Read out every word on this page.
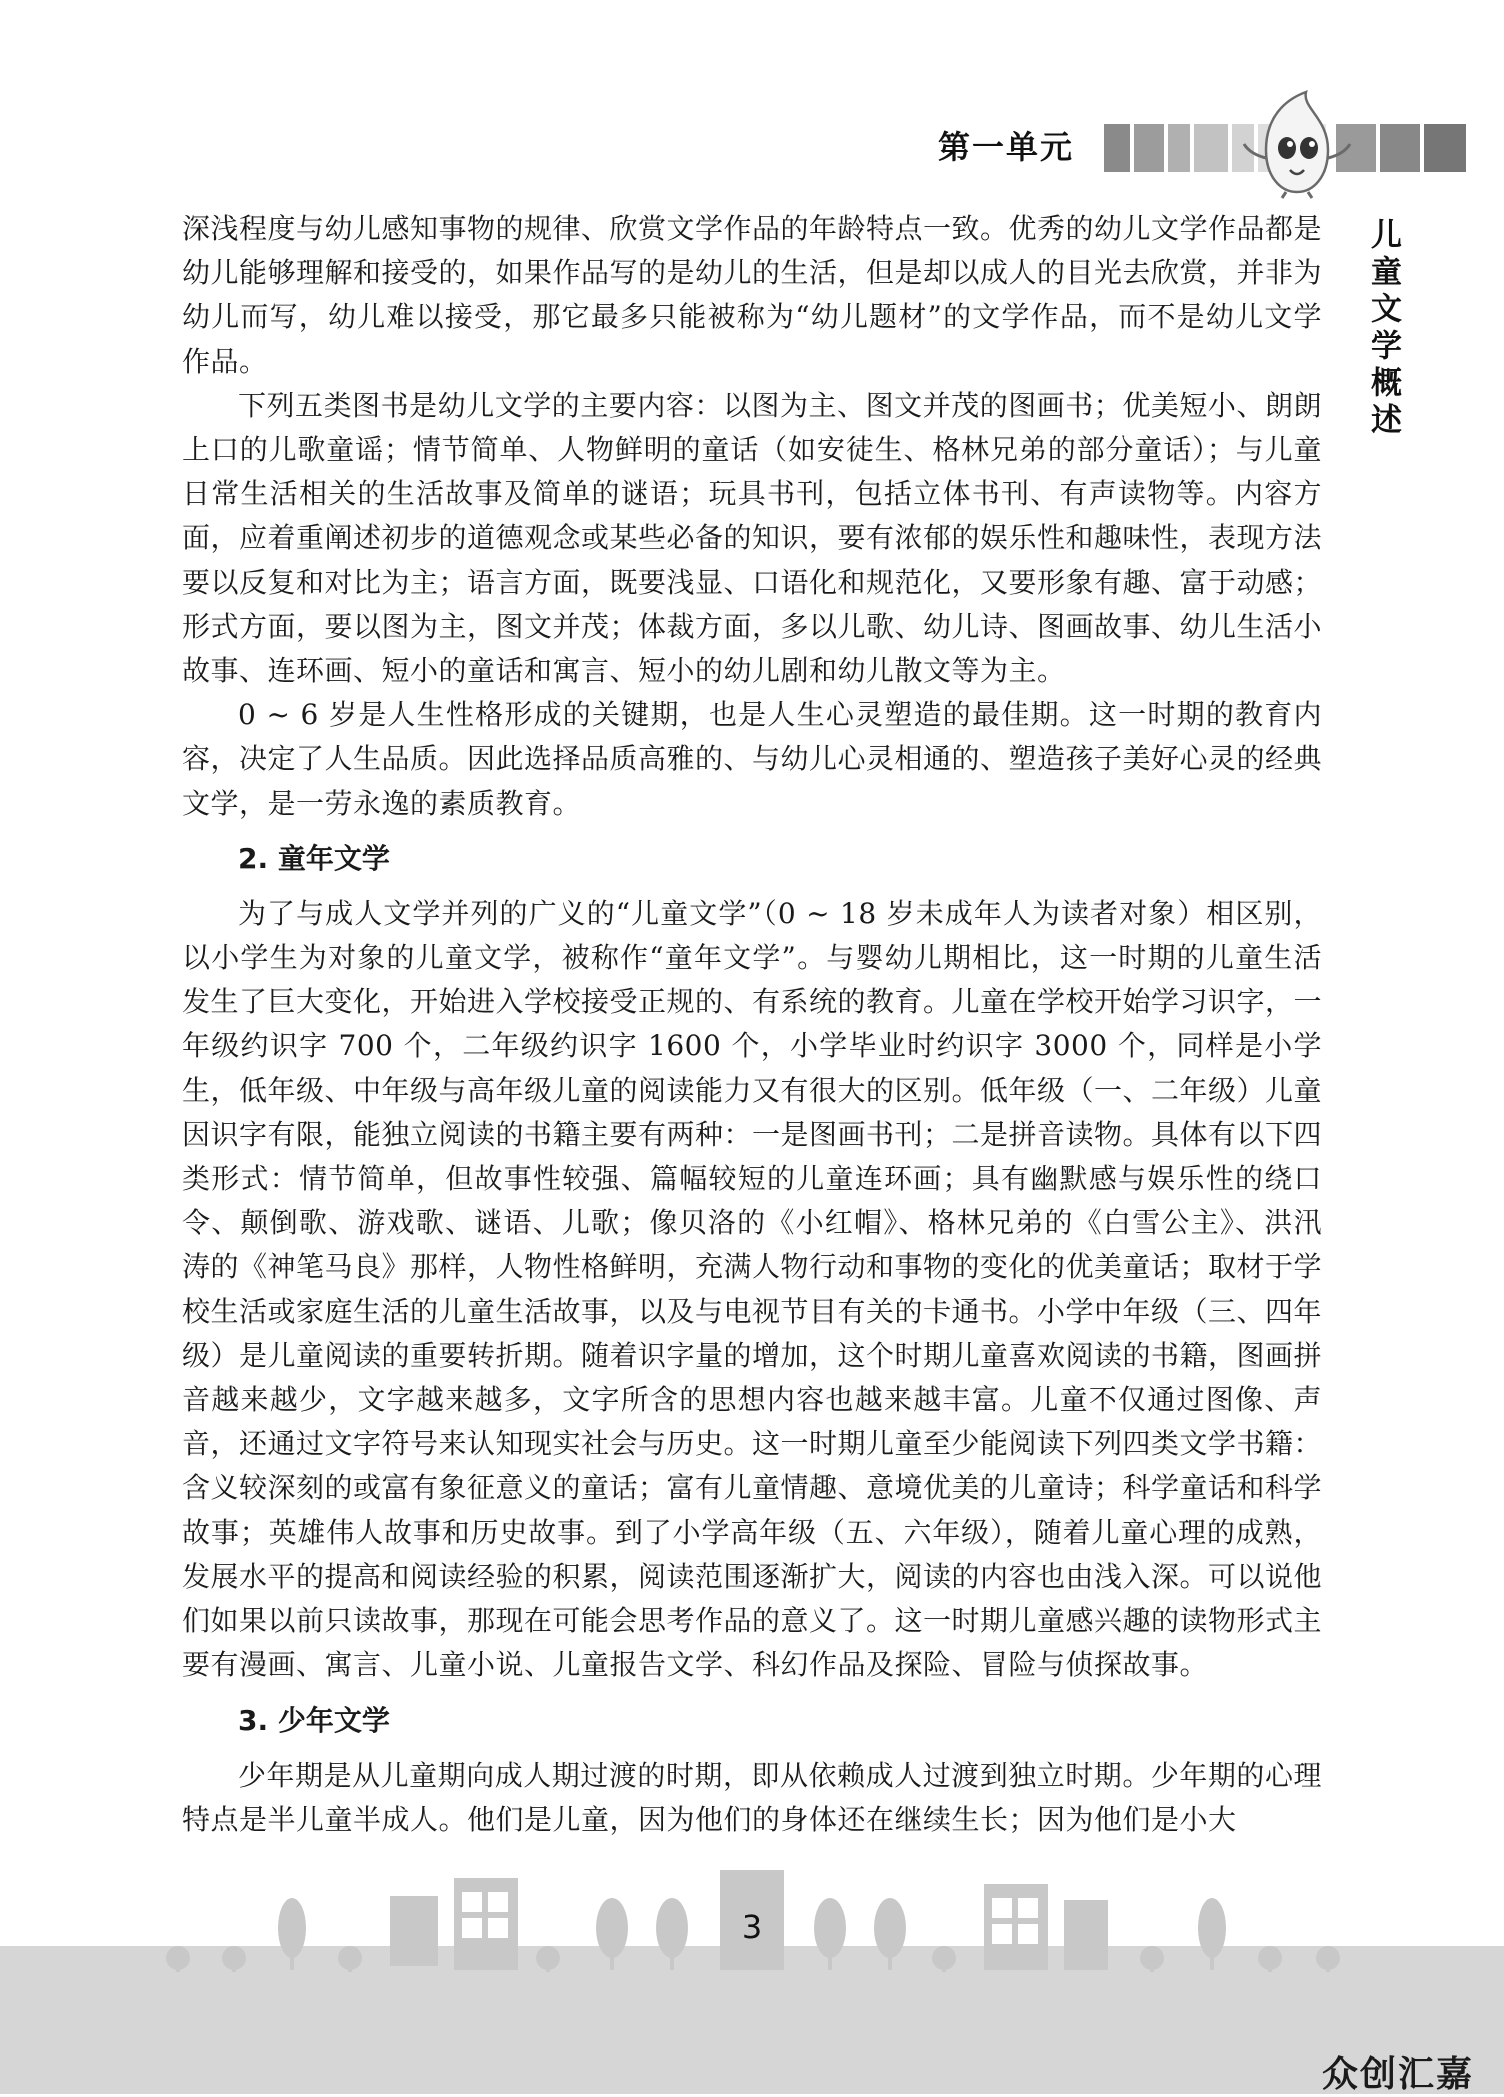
第一单元
儿童文学概述

深浅程度与幼儿感知事物的规律、欣赏文学作品的年龄特点一致。优秀的幼儿文学作品都是幼儿能够理解和接受的，如果作品写的是幼儿的生活，但是却以成人的目光去欣赏，并非为幼儿而写，幼儿难以接受，那它最多只能被称为“幼儿题材”的文学作品，而不是幼儿文学作品。

下列五类图书是幼儿文学的主要内容：以图为主、图文并茂的图画书；优美短小、朗朗上口的儿歌童谣；情节简单、人物鲜明的童话（如安徒生、格林兄弟的部分童话）；与儿童日常生活相关的生活故事及简单的谜语；玩具书刊，包括立体书刊、有声读物等。内容方面，应着重阐述初步的道德观念或某些必备的知识，要有浓郁的娱乐性和趣味性，表现方法要以反复和对比为主；语言方面，既要浅显、口语化和规范化，又要形象有趣、富于动感；形式方面，要以图为主，图文并茂；体裁方面，多以儿歌、幼儿诗、图画故事、幼儿生活小故事、连环画、短小的童话和寓言、短小的幼儿剧和幼儿散文等为主。

0 ~ 6 岁是人生性格形成的关键期，也是人生心灵塑造的最佳期。这一时期的教育内容，决定了人生品质。因此选择品质高雅的、与幼儿心灵相通的、塑造孩子美好心灵的经典文学，是一劳永逸的素质教育。

2. 童年文学

为了与成人文学并列的广义的“儿童文学”（0 ~ 18 岁未成年人为读者对象）相区别，以小学生为对象的儿童文学，被称作“童年文学”。与婴幼儿期相比，这一时期的儿童生活发生了巨大变化，开始进入学校接受正规的、有系统的教育。儿童在学校开始学习识字，一年级约识字 700 个，二年级约识字 1600 个，小学毕业时约识字 3000 个，同样是小学生，低年级、中年级与高年级儿童的阅读能力又有很大的区别。低年级（一、二年级）儿童因识字有限，能独立阅读的书籍主要有两种：一是图画书刊；二是拼音读物。具体有以下四类形式：情节简单，但故事性较强、篇幅较短的儿童连环画；具有幽默感与娱乐性的绕口令、颠倒歌、游戏歌、谜语、儿歌；像贝洛的《小红帽》、格林兄弟的《白雪公主》、洪汛涛的《神笔马良》那样，人物性格鲜明，充满人物行动和事物的变化的优美童话；取材于学校生活或家庭生活的儿童生活故事，以及与电视节目有关的卡通书。小学中年级（三、四年级）是儿童阅读的重要转折期。随着识字量的增加，这个时期儿童喜欢阅读的书籍，图画拼音越来越少，文字越来越多，文字所含的思想内容也越来越丰富。儿童不仅通过图像、声音，还通过文字符号来认知现实社会与历史。这一时期儿童至少能阅读下列四类文学书籍：含义较深刻的或富有象征意义的童话；富有儿童情趣、意境优美的儿童诗；科学童话和科学故事；英雄伟人故事和历史故事。到了小学高年级（五、六年级），随着儿童心理的成熟，发展水平的提高和阅读经验的积累，阅读范围逐渐扩大，阅读的内容也由浅入深。可以说他们如果以前只读故事，那现在可能会思考作品的意义了。这一时期儿童感兴趣的读物形式主要有漫画、寓言、儿童小说、儿童报告文学、科幻作品及探险、冒险与侦探故事。

3. 少年文学

少年期是从儿童期向成人期过渡的时期，即从依赖成人过渡到独立时期。少年期的心理特点是半儿童半成人。他们是儿童，因为他们的身体还在继续生长；因为他们是小大

3
众创汇嘉
